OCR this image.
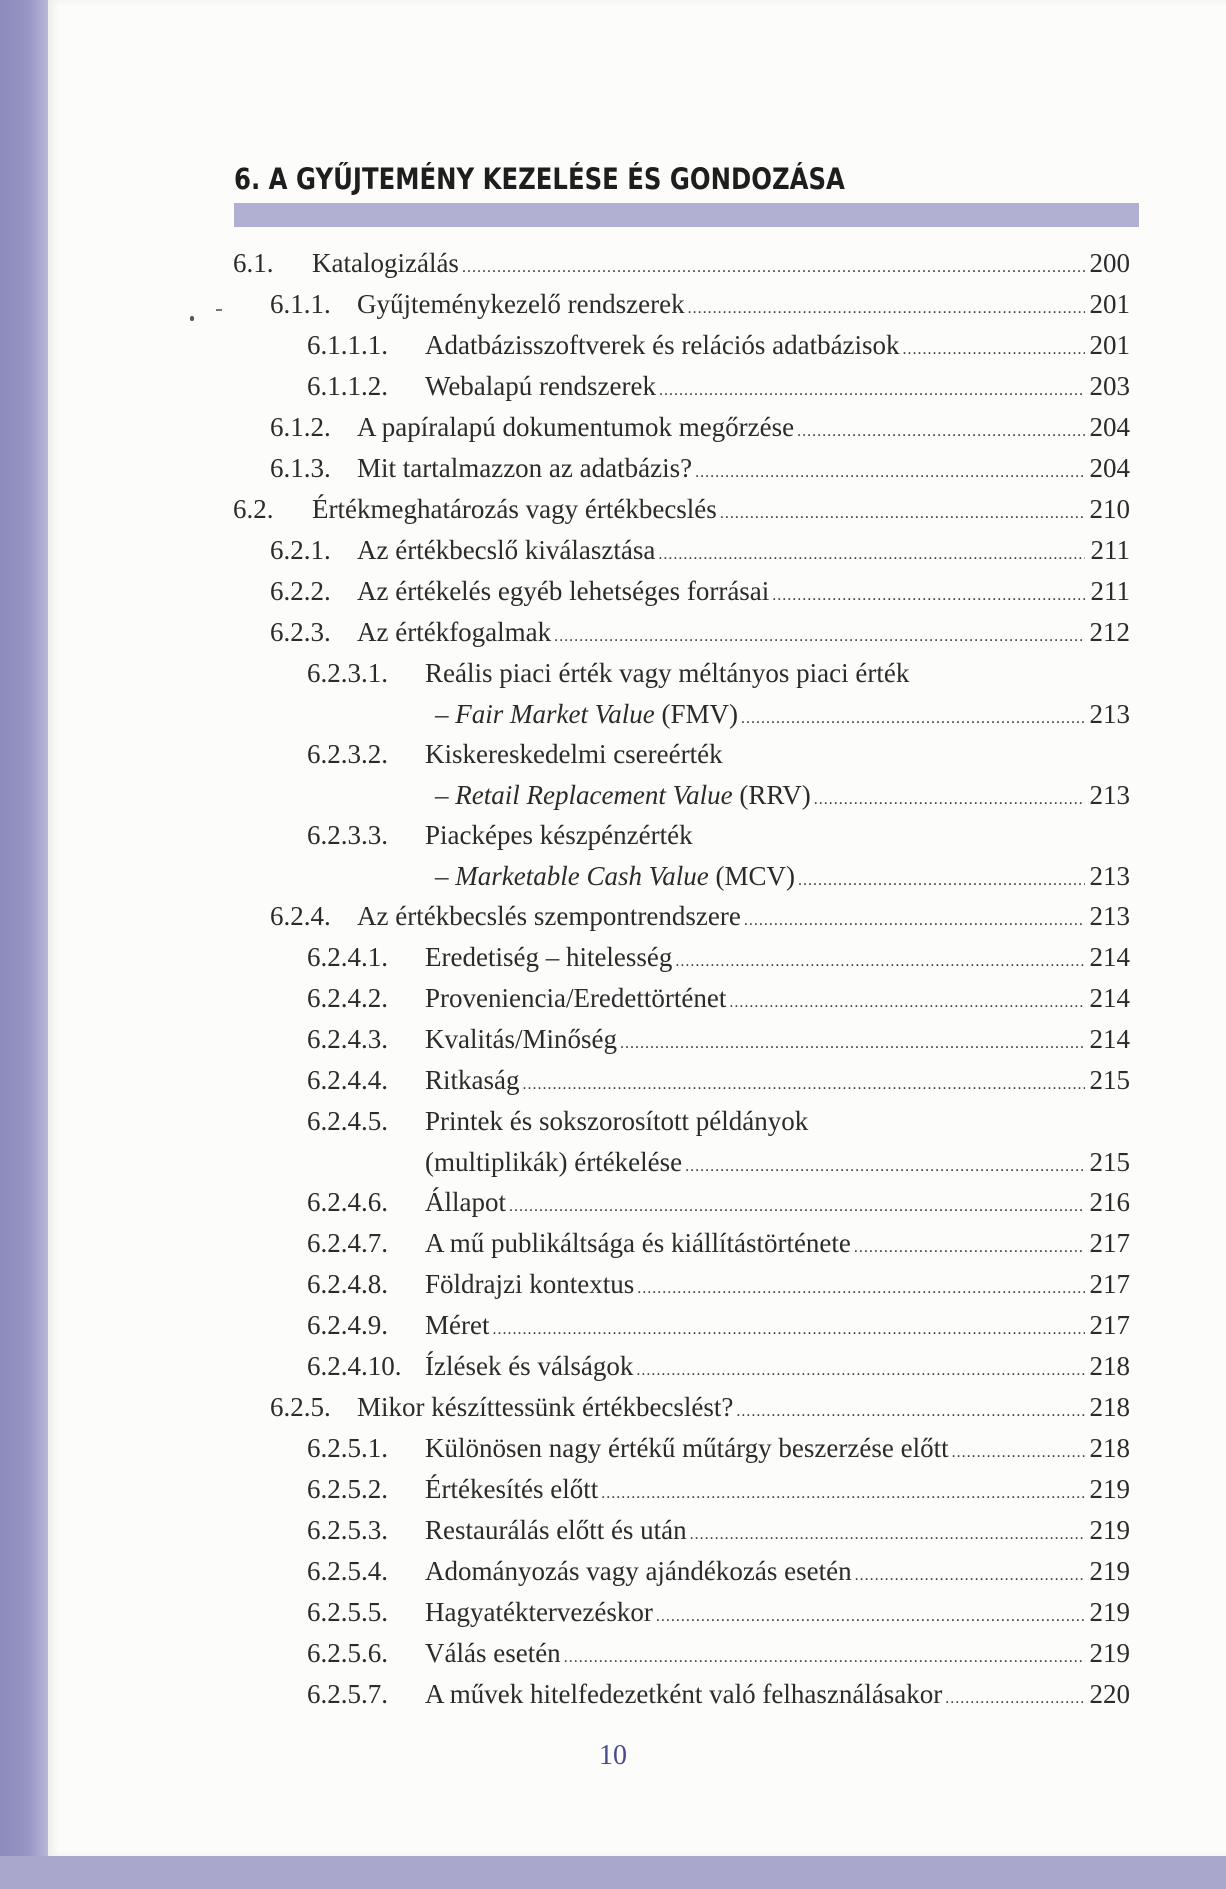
6. A GYŰJTEMÉNY KEZELÉSE ÉS GONDOZÁSA
6.1.	Katalogizálás .....	200
6.1.1. Gyűjteménykezelő rendszerek .....	201
6.1.1.1.	Adatbázisszoftverek és relációs adatbázisok .....	201
6.1.1.2.	Webalapú rendszerek .....	203
6.1.2. A papíralapú dokumentumok megőrzése .....	204
6.1.3. Mit tartalmazzon az adatbázis? .....	204
6.2.	Értékmeghatározás vagy értékbecslés .....	210
6.2.1. Az értékbecslő kiválasztása .....	211
6.2.2. Az értékelés egyéb lehetséges forrásai .....	211
6.2.3. Az értékfogalmak .....	212
6.2.3.1.	Reális piaci érték vagy méltányos piaci érték
– Fair Market Value (FMV) .....	213
6.2.3.2.	Kiskereskedelmi csereérték
– Retail Replacement Value (RRV) .....	213
6.2.3.3.	Piacképes készpénzérték
– Marketable Cash Value (MCV) .....	213
6.2.4. Az értékbecslés szempontrendszere .....	213
6.2.4.1.	Eredetiség – hitelesség .....	214
6.2.4.2.	Proveniencia/Eredettörténet .....	214
6.2.4.3.	Kvalitás/Minőség .....	214
6.2.4.4.	Ritkaság .....	215
6.2.4.5.	Printek és sokszorosított példányok
(multiplikák) értékelése .....	215
6.2.4.6.	Állapot .....	216
6.2.4.7.	A mű publikáltsága és kiállítástörténete .....	217
6.2.4.8.	Földrajzi kontextus .....	217
6.2.4.9.	Méret .....	217
6.2.4.10. Ízlések és válságok .....	218
6.2.5. Mikor készíttessünk értékbecslést? .....	218
6.2.5.1.	Különösen nagy értékű műtárgy beszerzése előtt .....	218
6.2.5.2.	Értékesítés előtt .....	219
6.2.5.3.	Restaurálás előtt és után .....	219
6.2.5.4.	Adományozás vagy ajándékozás esetén .....	219
6.2.5.5.	Hagyatéktervezéskor .....	219
6.2.5.6.	Válás esetén .....	219
6.2.5.7.	A művek hitelfedezetként való felhasználásakor .....	220
10
